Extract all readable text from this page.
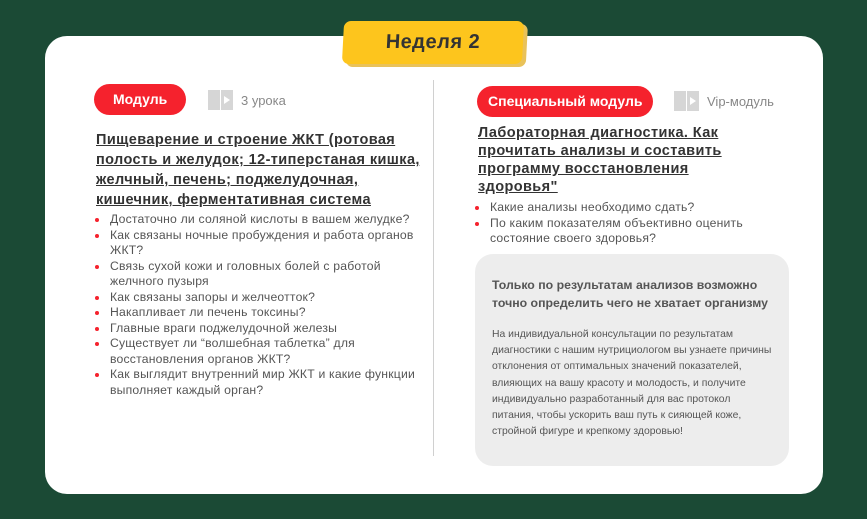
Неделя 2
Модуль	3 урока
Пищеварение и строение ЖКТ (ротовая полость и желудок; 12-типерстаная кишка, желчный, печень; поджелудочная, кишечник, ферментативная система
Достаточно ли соляной кислоты в вашем желудке?
Как связаны ночные пробуждения и работа органов ЖКТ?
Связь сухой кожи и головных болей с работой желчного пузыря
Как связаны запоры и желчеотток?
Накапливает ли печень токсины?
Главные враги поджелудочной железы
Существует ли “волшебная таблетка” для восстановления органов ЖКТ?
Как выглядит внутренний мир ЖКТ и какие функции выполняет каждый орган?
Специальный модуль	Vip-модуль
Лабораторная диагностика. Как прочитать анализы и составить программу восстановления здоровья"
Какие анализы необходимо сдать?
По каким показателям объективно оценить состояние своего здоровья?
Только по результатам анализов возможно точно определить чего не хватает организму

На индивидуальной консультации по результатам диагностики с нашим нутрициологом вы узнаете причины отклонения от оптимальных значений показателей, влияющих на вашу красоту и молодость, и получите индивидуально разработанный для вас протокол питания, чтобы ускорить ваш путь к сияющей коже, стройной фигуре и крепкому здоровью!
